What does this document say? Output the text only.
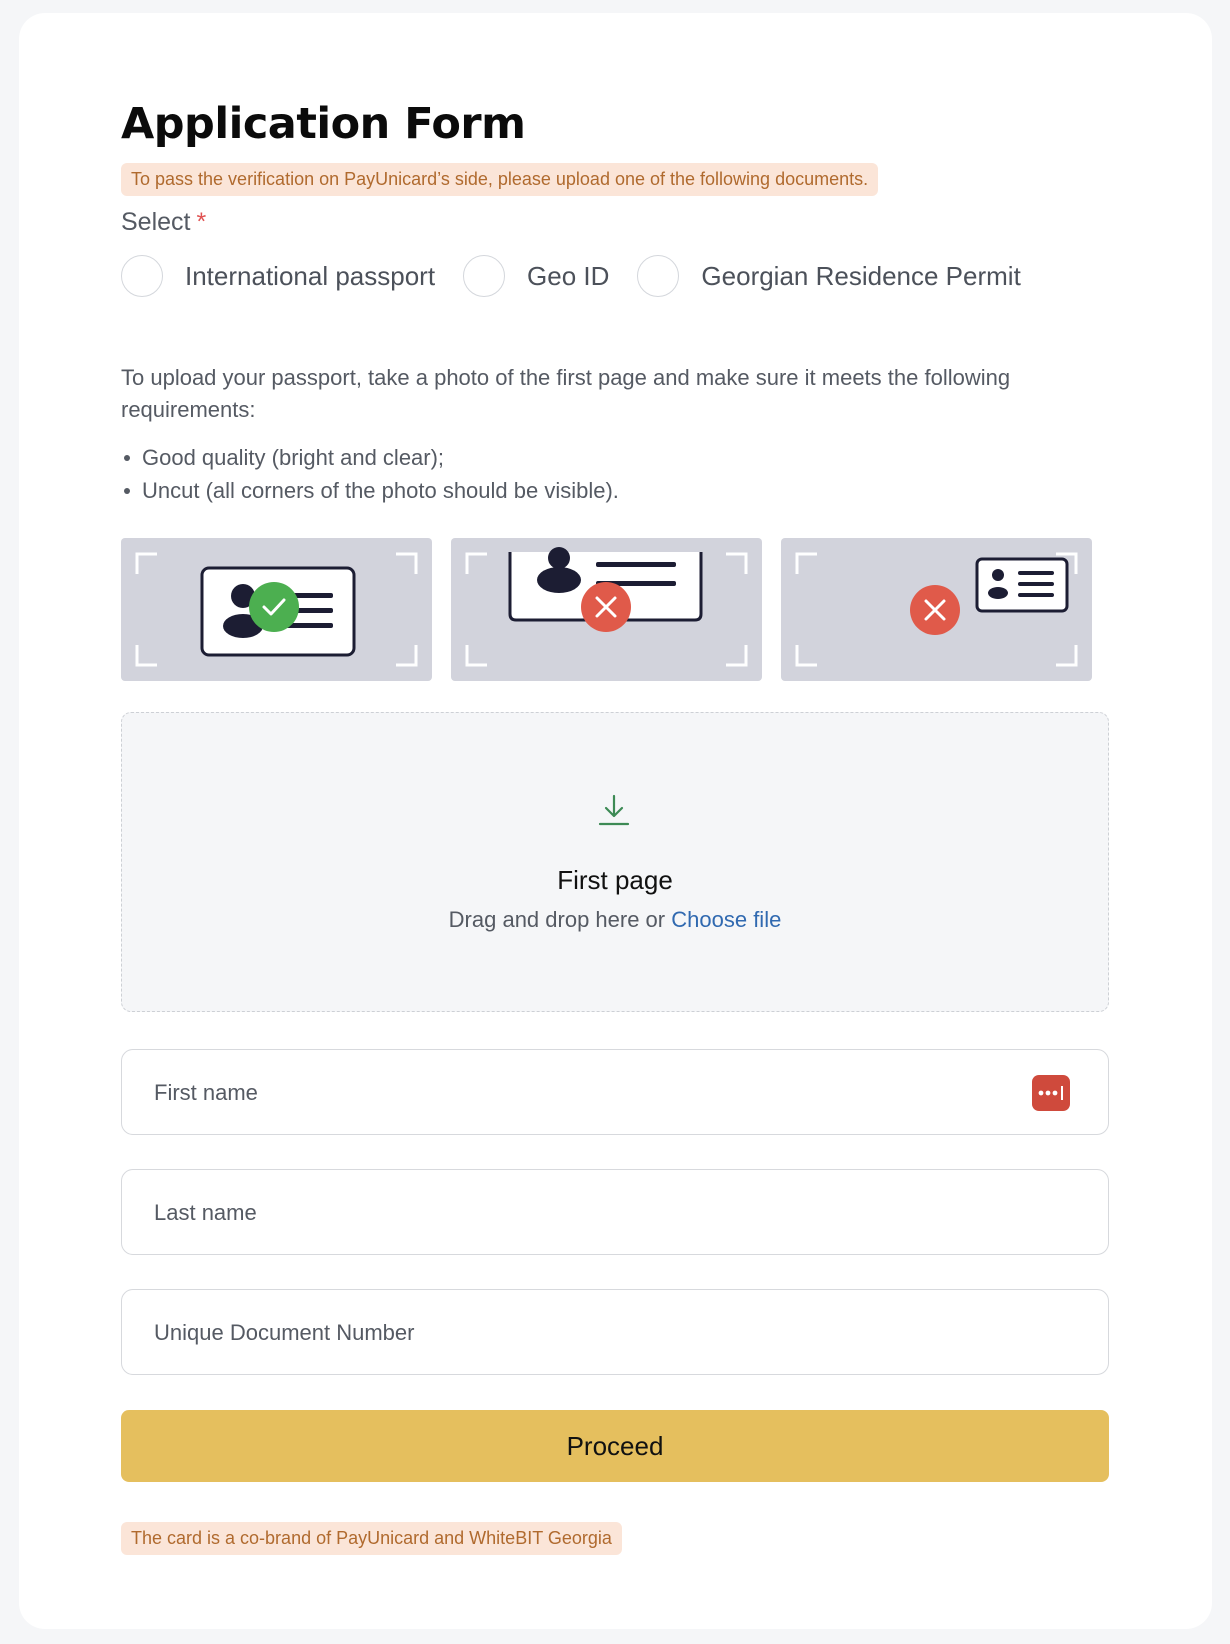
Application Form
To pass the verification on PayUnicard’s side, please upload one of the following documents.
Select *
International passport	Geo ID	Georgian Residence Permit

To upload your passport, take a photo of the first page and make sure it meets the following requirements:

Good quality (bright and clear);
Uncut (all corners of the photo should be visible).
First page
Drag and drop here or Choose file
First name
Last name
Unique Document Number
Proceed
The card is a co-brand of PayUnicard and WhiteBIT Georgia
